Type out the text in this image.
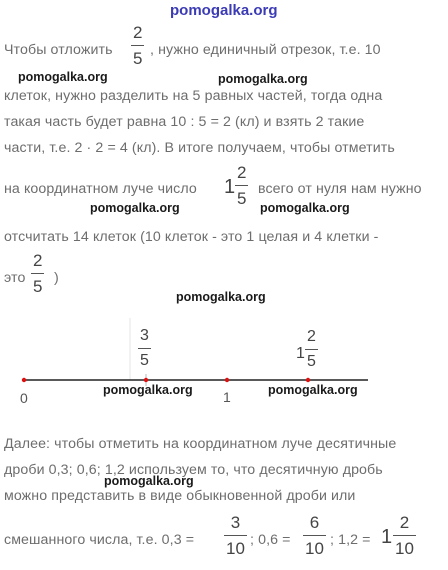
pomogalka.org
Чтобы отложить
2
5 , нужно единичный отрезок, т.е. 10
pomogalka.org	pomogalka.org
клеток, нужно разделить на 5 равных частей, тогда одна
такая часть будет равна 10 : 5 = 2 (кл) и взять 2 такие
части, т.е. 2 · 2 = 4 (кл). В итоге получаем, чтобы отметить
на координатном луче число 1
2
5 всего от нуля нам нужно
pomogalka.org	pomogalka.org
отсчитать 14 клеток (10 клеток - это 1 целая и 4 клетки -
это
2
5 )
pomogalka.org
3
5	1
2
5
0	1
pomogalka.org	pomogalka.org
Далее: чтобы отметить на координатном луче десятичные
дроби 0,3; 0,6; 1,2 используем то, что десятичную дробь
pomogalka.org
можно представить в виде обыкновенной дроби или
смешанного числа, т.е. 0,3 =
3
10 ; 0,6 =
6
10 ; 1,2 = 1
2
10
